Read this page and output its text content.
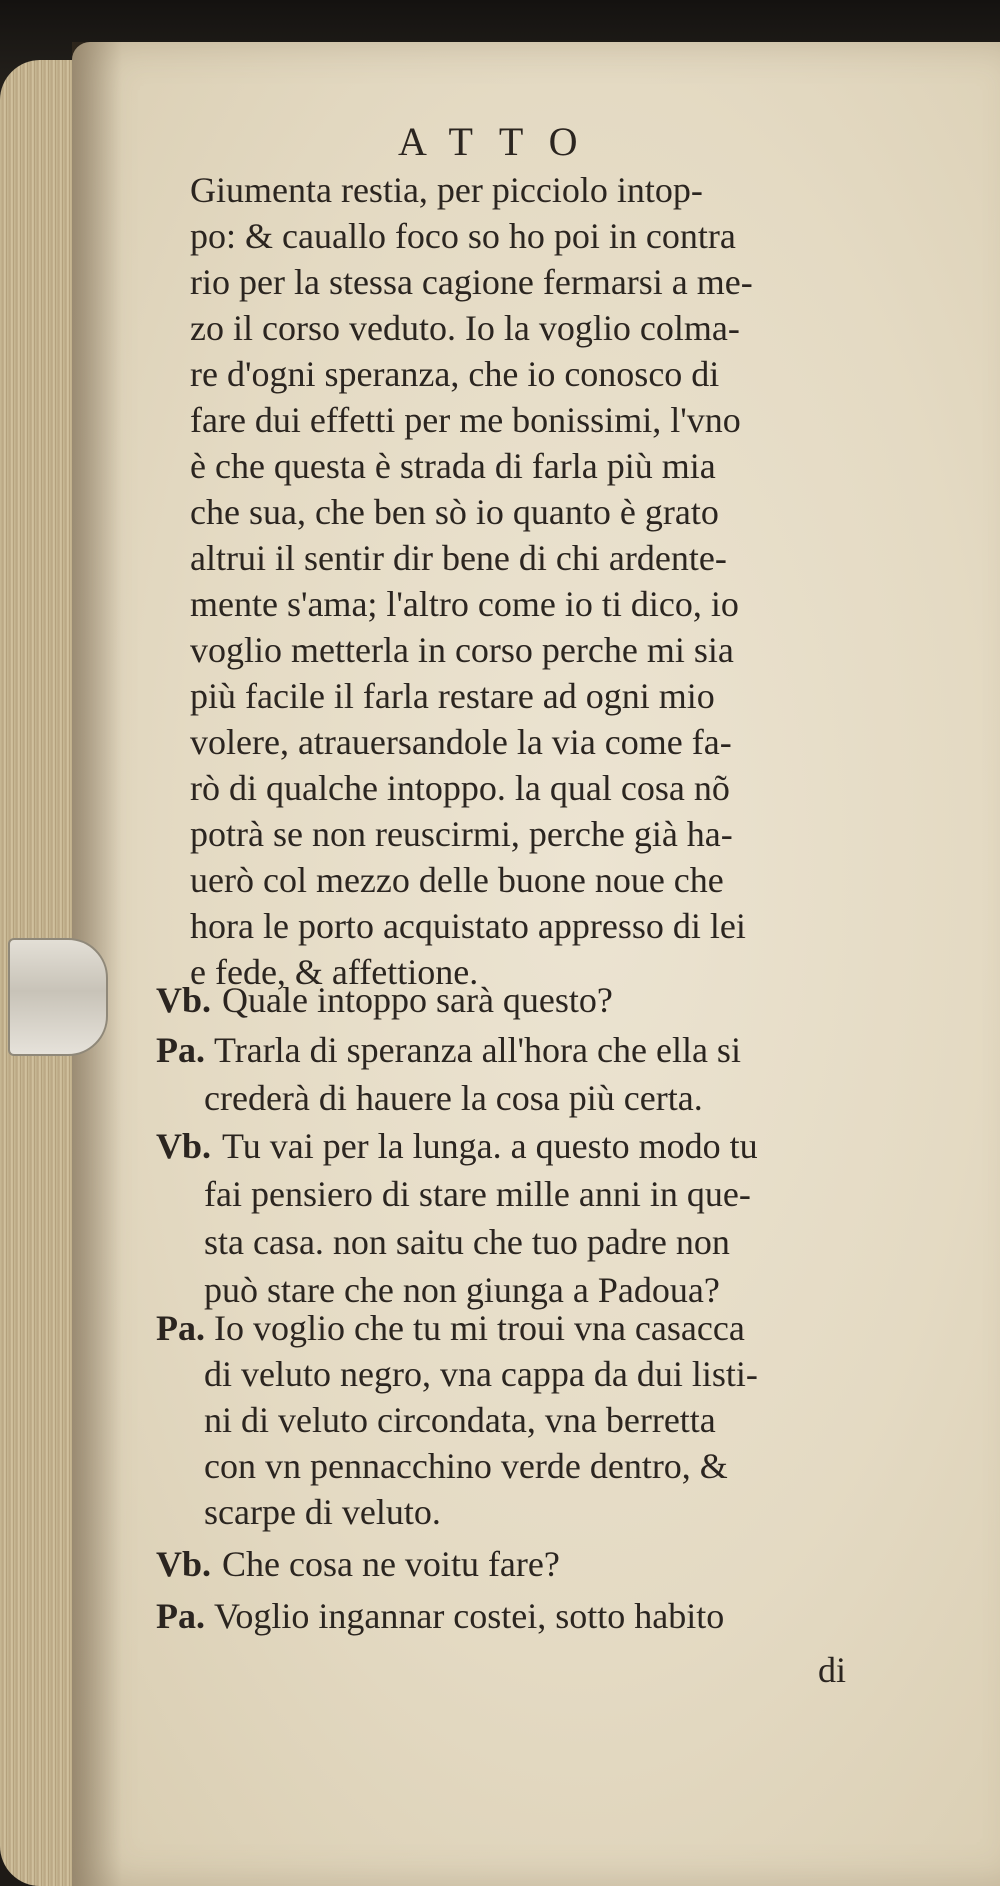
ATTO
Giumenta restia, per picciolo intop-
po: & cauallo foco so ho poi in contra
rio per la stessa cagione fermarsi a me-
zo il corso veduto. Io la voglio colma-
re d'ogni speranza, che io conosco di
fare dui effetti per me bonissimi, l'vno
è che questa è strada di farla più mia
che sua, che ben sò io quanto è grato
altrui il sentir dir bene di chi ardente-
mente s'ama; l'altro come io ti dico, io
voglio metterla in corso perche mi sia
più facile il farla restare ad ogni mio
volere, atrauersandole la via come fa-
rò di qualche intoppo. la qual cosa nõ
potrà se non reuscirmi, perche già ha-
uerò col mezzo delle buone noue che
hora le porto acquistato appresso di lei
e fede, & affettione.
Vb. Quale intoppo sarà questo?
Pa. Trarla di speranza all'hora che ella si
crederà di hauere la cosa più certa.
Vb. Tu vai per la lunga. a questo modo tu
fai pensiero di stare mille anni in que-
sta casa. non saitu che tuo padre non
può stare che non giunga a Padoua?
Pa. Io voglio che tu mi troui vna casacca
di veluto negro, vna cappa da dui listi-
ni di veluto circondata, vna berretta
con vn pennacchino verde dentro, &
scarpe di veluto.
Vb. Che cosa ne voitu fare?
Pa. Voglio ingannar costei, sotto habito
di
